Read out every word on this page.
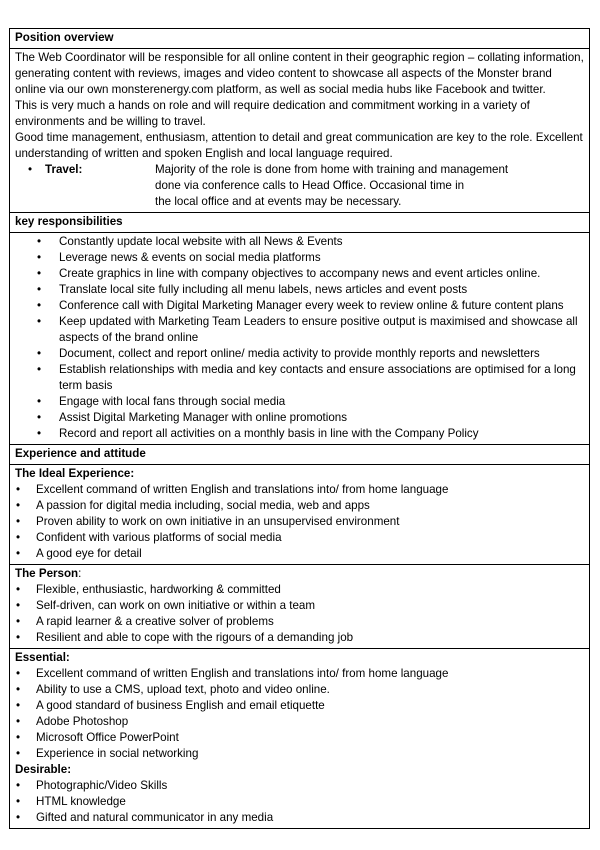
Position overview

The Web Coordinator will be responsible for all online content in their geographic region – collating information, generating content with reviews, images and video content to showcase all aspects of the Monster brand online via our own monsterenergy.com platform, as well as social media hubs like Facebook and twitter.

This is very much a hands on role and will require dedication and commitment working in a variety of environments and be willing to travel.

Good time management, enthusiasm, attention to detail and great communication are key to the role. Excellent understanding of written and spoken English and local language required.

•	Travel:	Majority of the role is done from home with training and management
done via conference calls to Head Office. Occasional time in
the local office and at events may be necessary.

key responsibilities

• Constantly update local website with all News & Events
• Leverage news & events on social media platforms
• Create graphics in line with company objectives to accompany news and event articles online.
• Translate local site fully including all menu labels, news articles and event posts
• Conference call with Digital Marketing Manager every week to review online & future content plans
• Keep updated with Marketing Team Leaders to ensure positive output is maximised and showcase all aspects of the brand online
• Document, collect and report online/ media activity to provide monthly reports and newsletters
• Establish relationships with media and key contacts and ensure associations are optimised for a long term basis
• Engage with local fans through social media
• Assist Digital Marketing Manager with online promotions
• Record and report all activities on a monthly basis in line with the Company Policy

Experience and attitude

The Ideal Experience:
• Excellent command of written English and translations into/ from home language
• A passion for digital media including, social media, web and apps
• Proven ability to work on own initiative in an unsupervised environment
• Confident with various platforms of social media
• A good eye for detail

The Person:
• Flexible, enthusiastic, hardworking & committed
• Self-driven, can work on own initiative or within a team
• A rapid learner & a creative solver of problems
• Resilient and able to cope with the rigours of a demanding job

Essential:
• Excellent command of written English and translations into/ from home language
• Ability to use a CMS, upload text, photo and video online.
• A good standard of business English and email etiquette
• Adobe Photoshop
• Microsoft Office PowerPoint
• Experience in social networking
Desirable:
• Photographic/Video Skills
• HTML knowledge
• Gifted and natural communicator in any media
